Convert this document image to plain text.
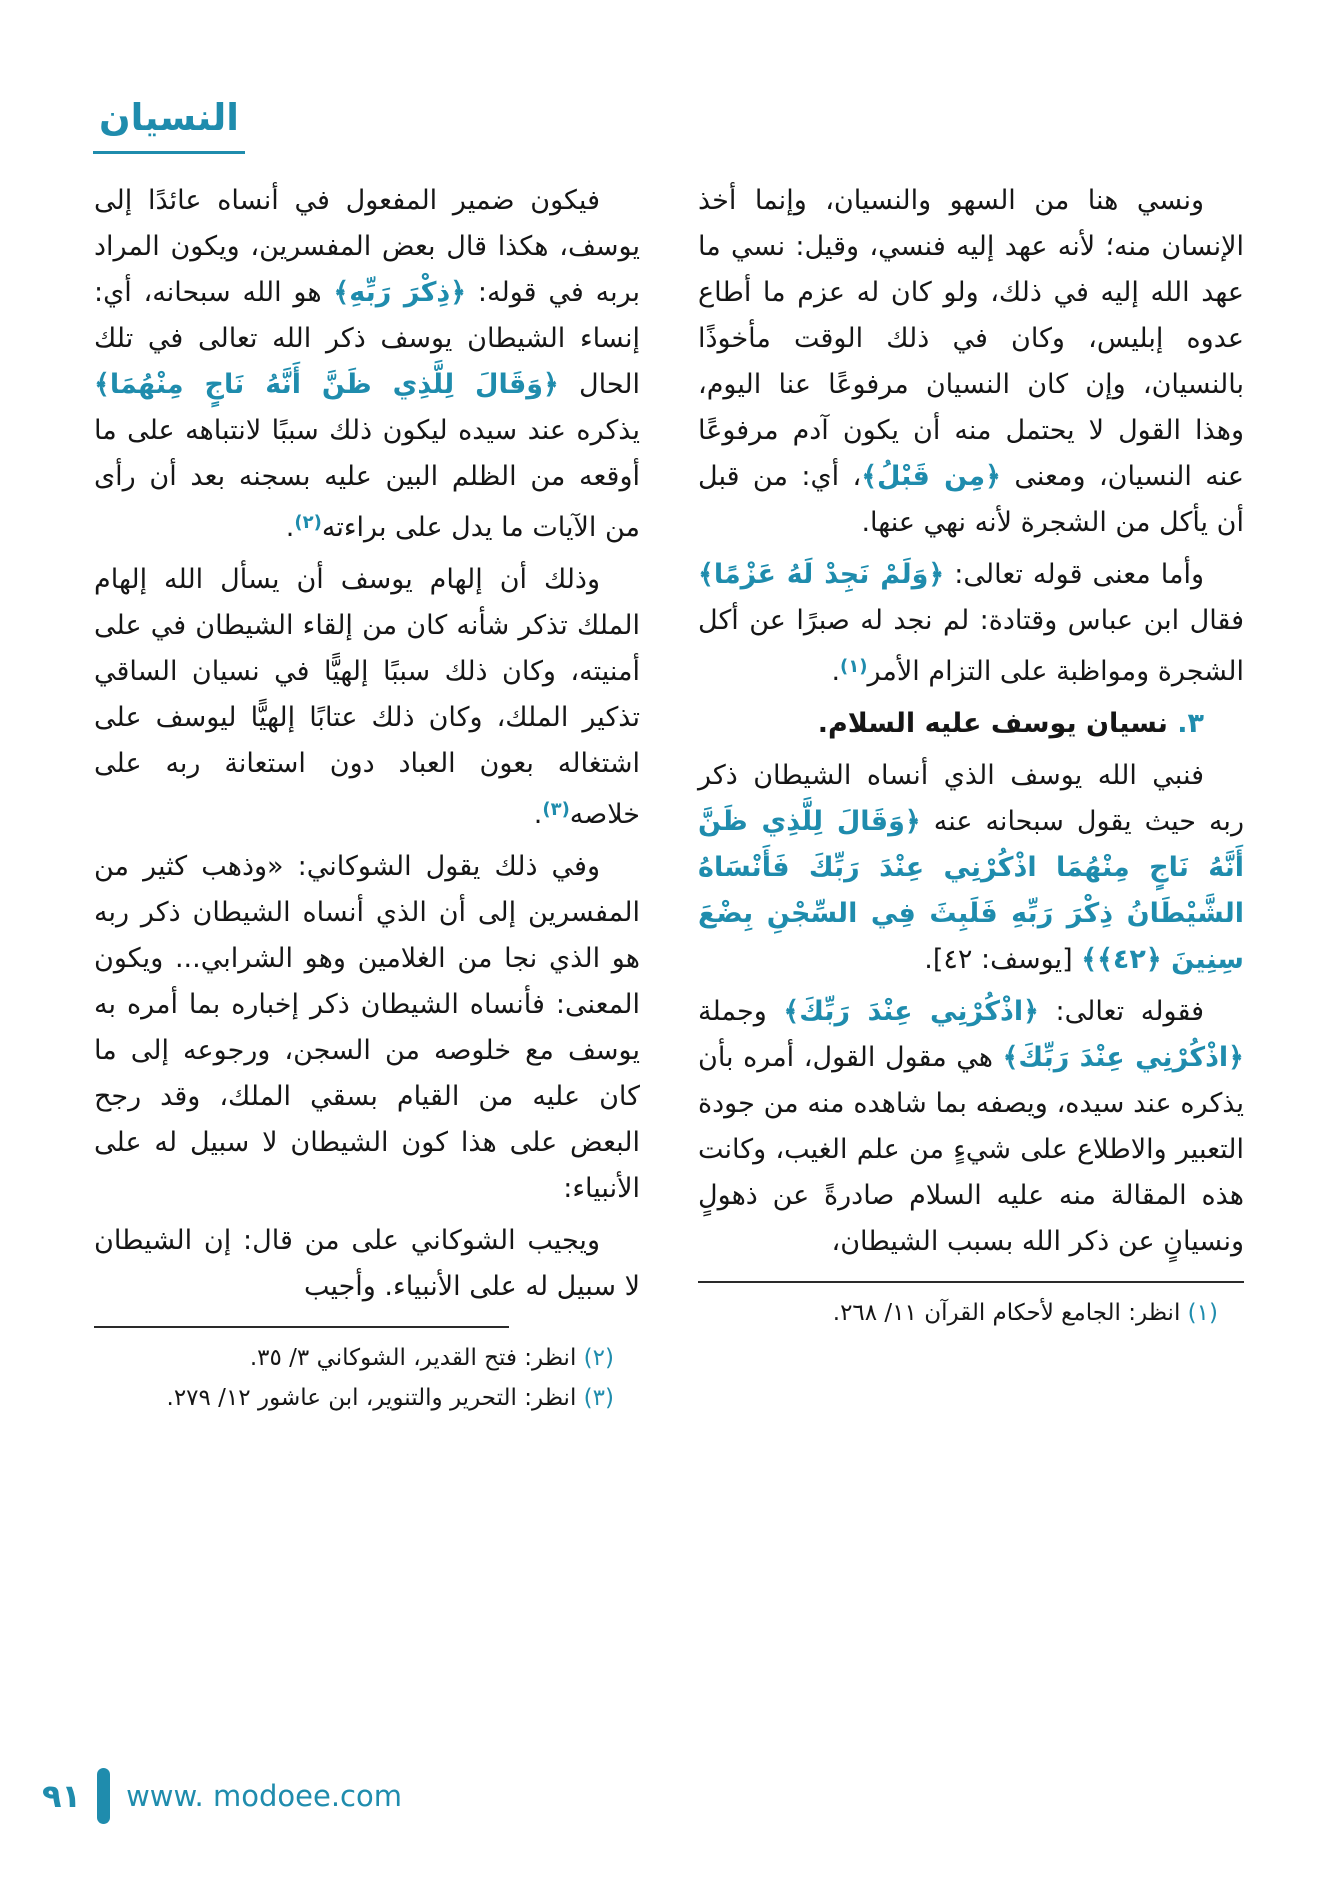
النسيان

ونسي هنا من السهو والنسيان، وإنما أخذ الإنسان منه؛ لأنه عهد إليه فنسي، وقيل: نسي ما عهد الله إليه في ذلك، ولو كان له عزم ما أطاع عدوه إبليس، وكان في ذلك الوقت مأخوذًا بالنسيان، وإن كان النسيان مرفوعًا عنا اليوم، وهذا القول لا يحتمل منه أن يكون آدم مرفوعًا عنه النسيان، ومعنى ﴿مِن قَبْلُ﴾، أي: من قبل أن يأكل من الشجرة لأنه نهي عنها.

وأما معنى قوله تعالى: ﴿وَلَمْ نَجِدْ لَهُ عَزْمًا﴾ فقال ابن عباس وقتادة: لم نجد له صبرًا عن أكل الشجرة ومواظبة على التزام الأمر$^{(١)}$.

٣. نسيان يوسف عليه السلام.

فنبي الله يوسف الذي أنساه الشيطان ذكر ربه حيث يقول سبحانه عنه ﴿وَقَالَ لِلَّذِي ظَنَّ أَنَّهُ نَاجٍ مِنْهُمَا اذْكُرْنِي عِنْدَ رَبِّكَ فَأَنْسَاهُ الشَّيْطَانُ ذِكْرَ رَبِّهِ فَلَبِثَ فِي السِّجْنِ بِضْعَ سِنِينَ ﴿٤٢﴾﴾ [يوسف: ٤٢].

فقوله تعالى: ﴿اذْكُرْنِي عِنْدَ رَبِّكَ﴾ وجملة ﴿اذْكُرْنِي عِنْدَ رَبِّكَ﴾ هي مقول القول، أمره بأن يذكره عند سيده، ويصفه بما شاهده منه من جودة التعبير والاطلاع على شيءٍ من علم الغيب، وكانت هذه المقالة منه عليه السلام صادرةً عن ذهولٍ ونسيانٍ عن ذكر الله بسبب الشيطان،

(١) انظر: الجامع لأحكام القرآن ١١/ ٢٦٨.

فيكون ضمير المفعول في أنساه عائدًا إلى يوسف، هكذا قال بعض المفسرين، ويكون المراد بربه في قوله: ﴿ذِكْرَ رَبِّهِ﴾ هو الله سبحانه، أي: إنساء الشيطان يوسف ذكر الله تعالى في تلك الحال ﴿وَقَالَ لِلَّذِي ظَنَّ أَنَّهُ نَاجٍ مِنْهُمَا﴾ يذكره عند سيده ليكون ذلك سببًا لانتباهه على ما أوقعه من الظلم البين عليه بسجنه بعد أن رأى من الآيات ما يدل على براءته$^{(٢)}$.

وذلك أن إلهام يوسف أن يسأل الله إلهام الملك تذكر شأنه كان من إلقاء الشيطان في على أمنيته، وكان ذلك سببًا إلهيًّا في نسيان الساقي تذكير الملك، وكان ذلك عتابًا إلهيًّا ليوسف على اشتغاله بعون العباد دون استعانة ربه على خلاصه$^{(٣)}$.

وفي ذلك يقول الشوكاني: «وذهب كثير من المفسرين إلى أن الذي أنساه الشيطان ذكر ربه هو الذي نجا من الغلامين وهو الشرابي... ويكون المعنى: فأنساه الشيطان ذكر إخباره بما أمره به يوسف مع خلوصه من السجن، ورجوعه إلى ما كان عليه من القيام بسقي الملك، وقد رجح البعض على هذا كون الشيطان لا سبيل له على الأنبياء:

ويجيب الشوكاني على من قال: إن الشيطان لا سبيل له على الأنبياء. وأجيب

(٢) انظر: فتح القدير، الشوكاني ٣/ ٣٥.
(٣) انظر: التحرير والتنوير، ابن عاشور ١٢/ ٢٧٩.
٩١ www. modoee.com
